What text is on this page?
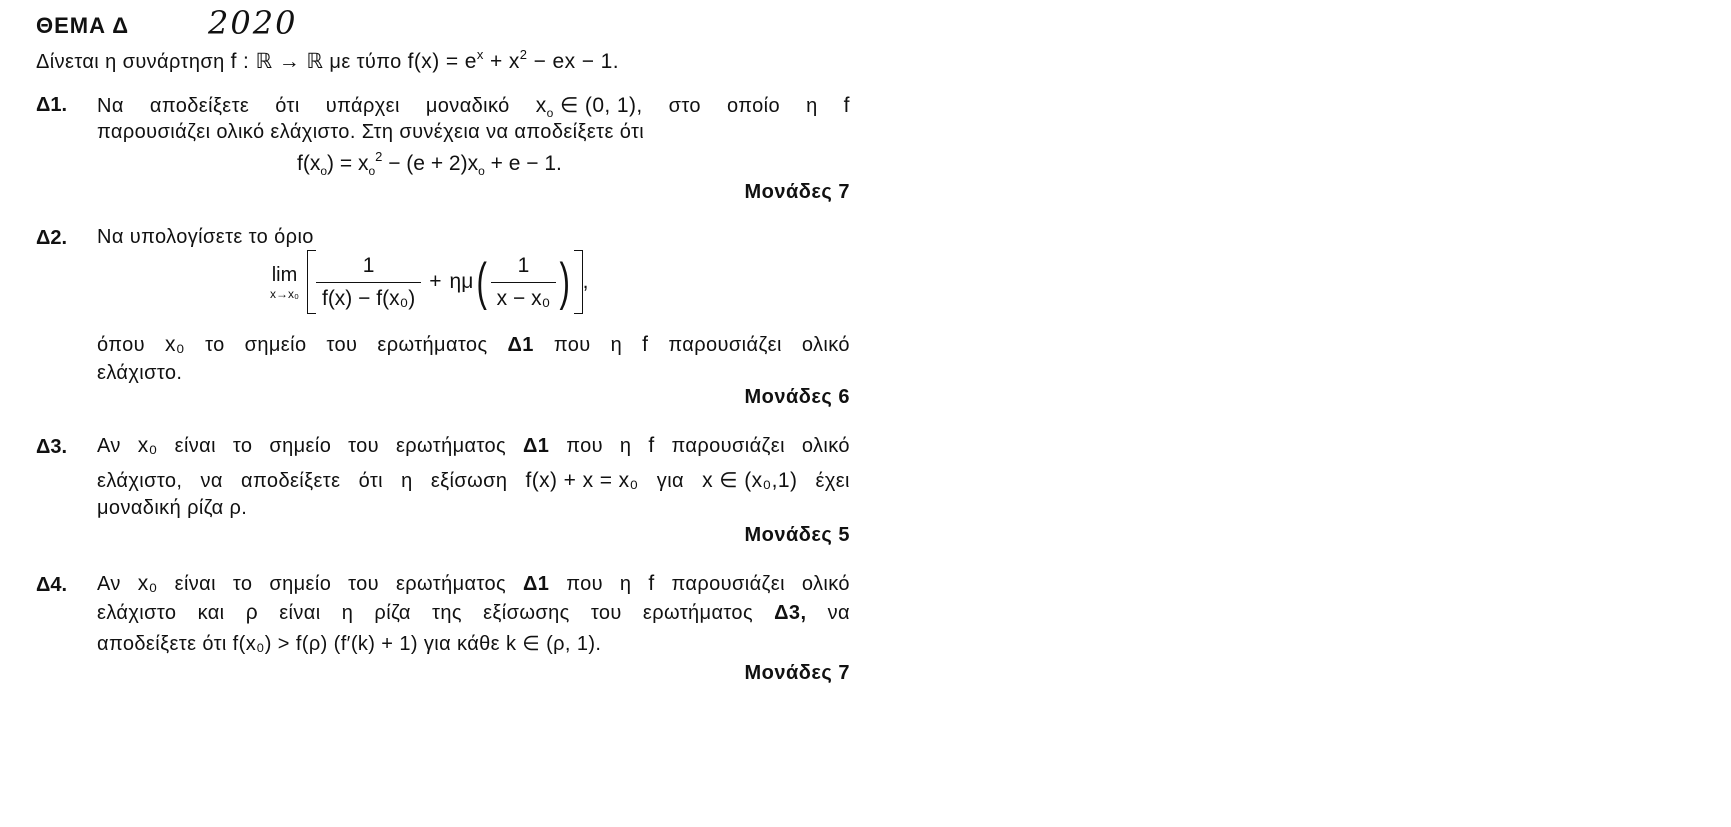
ΘΕΜΑ Δ 2020
Δίνεται η συνάρτηση f : ℝ → ℝ με τύπο $f(x) = e^x + x^2$ − ex − 1.
Δ1. Να αποδείξετε ότι υπάρχει μοναδικό $x_o$ ∈ (0, 1), στο οποίο η f
παρουσιάζει ολικό ελάχιστο. Στη συνέχεια να αποδείξετε ότι
$f(x_o) = x_o^2 - (e + 2)x_o + e - 1$.
Μονάδες 7
Δ2. Να υπολογίσετε το όριο
lim
$x\to x_0 \frac{1}{\text{f(x) − f(x₀)}} + \eta\mu$ ( $\frac{1}{\text{x − x₀}}$ ) ,
όπου x₀ το σημείο του ερωτήματος Δ1 που η f παρουσιάζει ολικό
ελάχιστο.
Μονάδες 6
Δ3. Αν x₀ είναι το σημείο του ερωτήματος Δ1 που η f παρουσιάζει ολικό
ελάχιστο, να αποδείξετε ότι η εξίσωση f(x) + x = x₀ για x ∈ (x₀,1) έχει
μοναδική ρίζα ρ.
Μονάδες 5
Δ4. Αν x₀ είναι το σημείο του ερωτήματος Δ1 που η f παρουσιάζει ολικό
ελάχιστο και ρ είναι η ρίζα της εξίσωσης του ερωτήματος Δ3, να
αποδείξετε ότι f(x₀) > f(ρ) (f′(k) + 1) για κάθε k ∈ (ρ, 1).
Μονάδες 7
